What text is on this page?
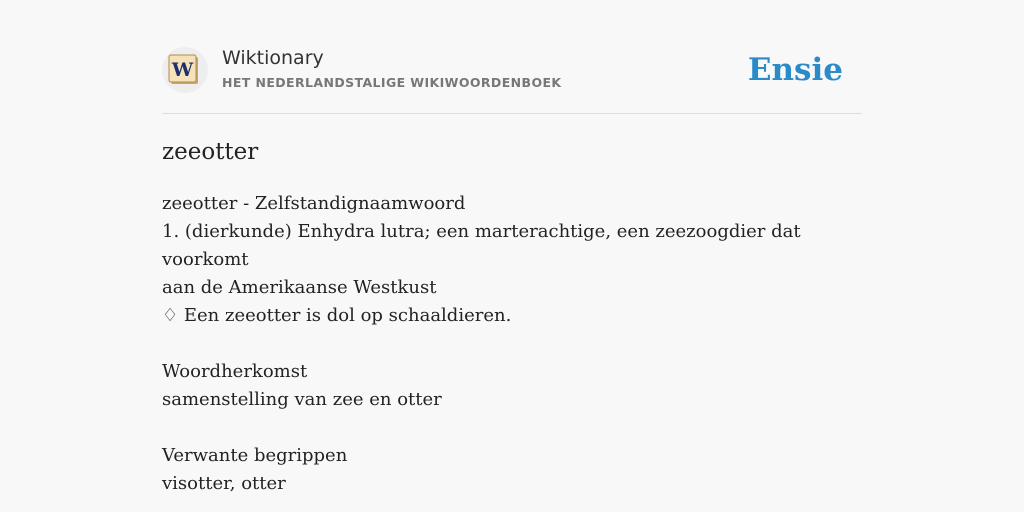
W
Wiktionary
HET NEDERLANDSTALIGE WIKIWOORDENBOEK	Ensie
zeeotter

zeeotter - Zelfstandignaamwoord

1. (dierkunde) Enhydra lutra; een marterachtige, een zeezoogdier dat voorkomt

aan de Amerikaanse Westkust

♢ Een zeeotter is dol op schaaldieren.

Woordherkomst

samenstelling van zee en otter

Verwante begrippen

visotter, otter
